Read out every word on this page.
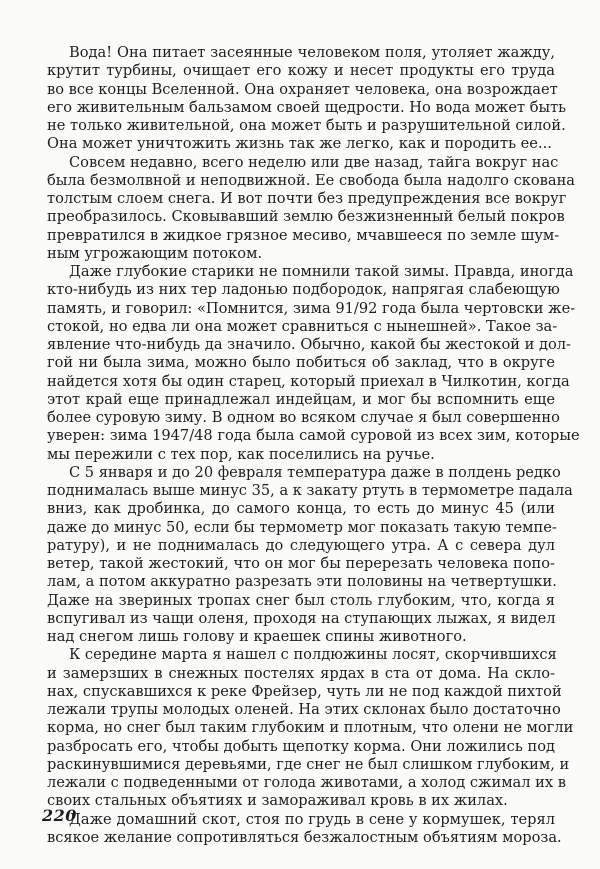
Вода! Она питает засеянные человеком поля, утоляет жажду,
крутит турбины, очищает его кожу и несет продукты его труда
во все концы Вселенной. Она охраняет человека, она возрождает
его живительным бальзамом своей щедрости. Но вода может быть
не только живительной, она может быть и разрушительной силой.
Она может уничтожить жизнь так же легко, как и породить ее...
Совсем недавно, всего неделю или две назад, тайга вокруг нас
была безмолвной и неподвижной. Ее свобода была надолго скована
толстым слоем снега. И вот почти без предупреждения все вокруг
преобразилось. Сковывавший землю безжизненный белый покров
превратился в жидкое грязное месиво, мчавшееся по земле шум-
ным угрожающим потоком.
Даже глубокие старики не помнили такой зимы. Правда, иногда
кто-нибудь из них тер ладонью подбородок, напрягая слабеющую
память, и говорил: «Помнится, зима 91/92 года была чертовски же-
стокой, но едва ли она может сравниться с нынешней». Такое за-
явление что-нибудь да значило. Обычно, какой бы жестокой и дол-
гой ни была зима, можно было побиться об заклад, что в округе
найдется хотя бы один старец, который приехал в Чилкотин, когда
этот край еще принадлежал индейцам, и мог бы вспомнить еще
более суровую зиму. В одном во всяком случае я был совершенно
уверен: зима 1947/48 года была самой суровой из всех зим, которые
мы пережили с тех пор, как поселились на ручье.
С 5 января и до 20 февраля температура даже в полдень редко
поднималась выше минус 35, а к закату ртуть в термометре падала
вниз, как дробинка, до самого конца, то есть до минус 45 (или
даже до минус 50, если бы термометр мог показать такую темпе-
ратуру), и не поднималась до следующего утра. А с севера дул
ветер, такой жестокий, что он мог бы перерезать человека попо-
лам, а потом аккуратно разрезать эти половины на четвертушки.
Даже на звериных тропах снег был столь глубоким, что, когда я
вспугивал из чащи оленя, проходя на ступающих лыжах, я видел
над снегом лишь голову и краешек спины животного.
К середине марта я нашел с полдюжины лосят, скорчившихся
и замерзших в снежных постелях ярдах в ста от дома. На скло-
нах, спускавшихся к реке Фрейзер, чуть ли не под каждой пихтой
лежали трупы молодых оленей. На этих склонах было достаточно
корма, но снег был таким глубоким и плотным, что олени не могли
разбросать его, чтобы добыть щепотку корма. Они ложились под
раскинувшимися деревьями, где снег не был слишком глубоким, и
лежали с подведенными от голода животами, а холод сжимал их в
своих стальных объятиях и замораживал кровь в их жилах.
Даже домашний скот, стоя по грудь в сене у кормушек, терял
всякое желание сопротивляться безжалостным объятиям мороза.
220
